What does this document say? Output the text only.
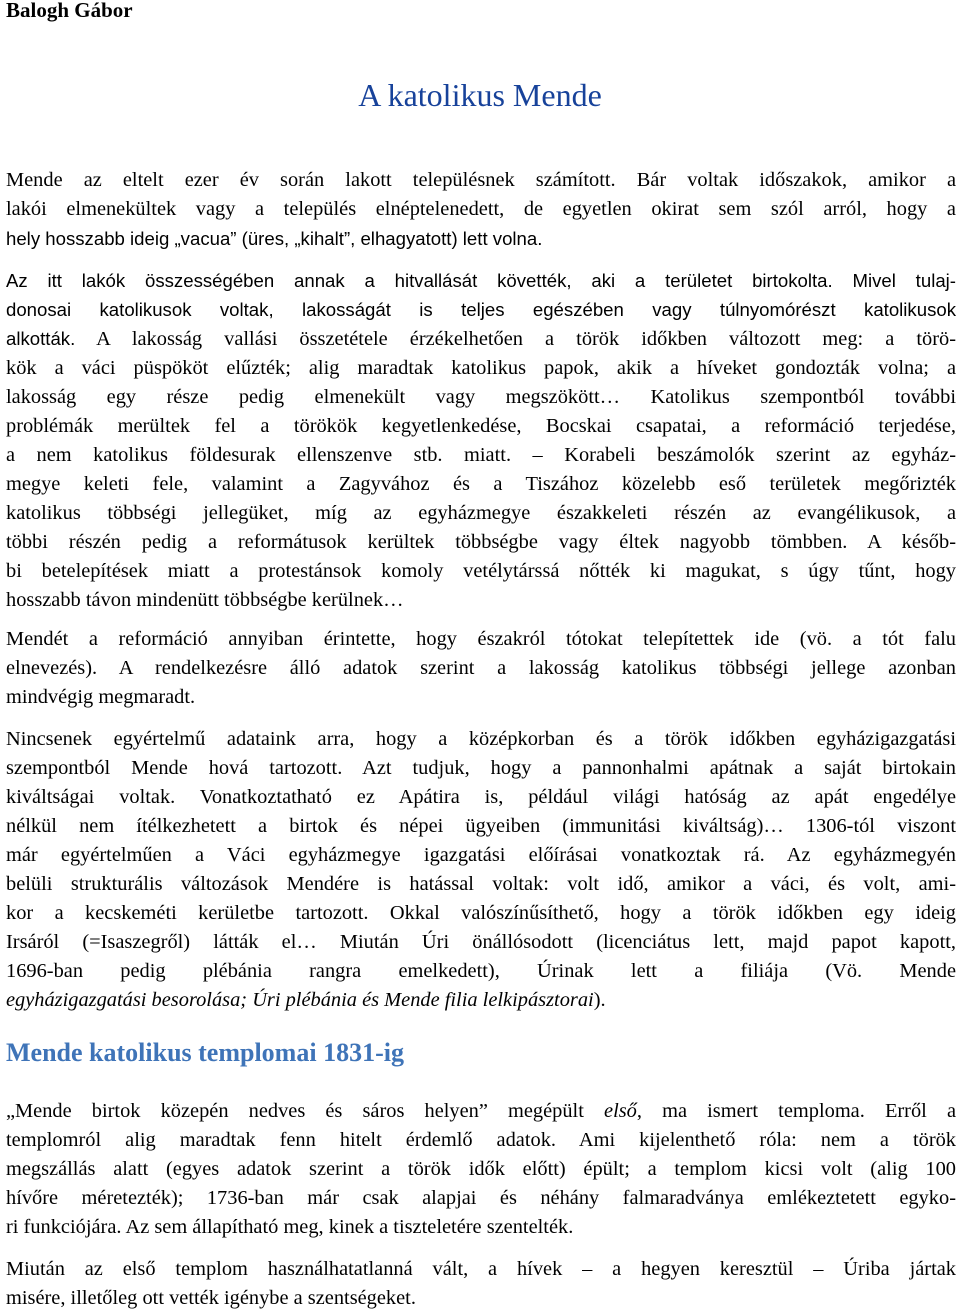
Balogh Gábor

A katolikus Mende

Mende az eltelt ezer év során lakott településnek számított. Bár voltak időszakok, amikor a
lakói elmenekültek vagy a település elnéptelenedett, de egyetlen okirat sem szól arról, hogy a
hely hosszabb ideig „vacua” (üres, „kihalt”, elhagyatott) lett volna.

Az itt lakók összességében annak a hitvallását követték, aki a területet birtokolta. Mivel tulaj-
donosai katolikusok voltak, lakosságát is teljes egészében vagy túlnyomórészt katolikusok
alkották. A lakosság vallási összetétele érzékelhetően a török időkben változott meg: a törö-
kök a váci püspököt elűzték; alig maradtak katolikus papok, akik a híveket gondozták volna; a
lakosság egy része pedig elmenekült vagy megszökött… Katolikus szempontból további
problémák merültek fel a törökök kegyetlenkedése, Bocskai csapatai, a reformáció terjedése,
a nem katolikus földesurak ellenszenve stb. miatt. – Korabeli beszámolók szerint az egyház-
megye keleti fele, valamint a Zagyvához és a Tiszához közelebb eső területek megőrizték
katolikus többségi jellegüket, míg az egyházmegye északkeleti részén az evangélikusok, a
többi részén pedig a reformátusok kerültek többségbe vagy éltek nagyobb tömbben. A későb-
bi betelepítések miatt a protestánsok komoly vetélytárssá nőtték ki magukat, s úgy tűnt, hogy
hosszabb távon mindenütt többségbe kerülnek…

Mendét a reformáció annyiban érintette, hogy északról tótokat telepítettek ide (vö. a tót falu
elnevezés). A rendelkezésre álló adatok szerint a lakosság katolikus többségi jellege azonban
mindvégig megmaradt.

Nincsenek egyértelmű adataink arra, hogy a középkorban és a török időkben egyházigazgatási
szempontból Mende hová tartozott. Azt tudjuk, hogy a pannonhalmi apátnak a saját birtokain
kiváltságai voltak. Vonatkoztatható ez Apátira is, például világi hatóság az apát engedélye
nélkül nem ítélkezhetett a birtok és népei ügyeiben (immunitási kiváltság)… 1306-tól viszont
már egyértelműen a Váci egyházmegye igazgatási előírásai vonatkoztak rá. Az egyházmegyén
belüli strukturális változások Mendére is hatással voltak: volt idő, amikor a váci, és volt, ami-
kor a kecskeméti kerületbe tartozott. Okkal valószínűsíthető, hogy a török időkben egy ideig
Irsáról (=Isaszegről) látták el… Miután Úri önállósodott (licenciátus lett, majd papot kapott,
1696-ban pedig plébánia rangra emelkedett), Úrinak lett a filiája (Vö. Mende
egyházigazgatási besorolása; Úri plébánia és Mende filia lelkipásztorai).

Mende katolikus templomai 1831-ig

„Mende birtok közepén nedves és sáros helyen” megépült első, ma ismert temploma. Erről a
templomról alig maradtak fenn hitelt érdemlő adatok. Ami kijelenthető róla: nem a török
megszállás alatt (egyes adatok szerint a török idők előtt) épült; a templom kicsi volt (alig 100
hívőre méretezték); 1736-ban már csak alapjai és néhány falmaradványa emlékeztetett egyko-
ri funkciójára. Az sem állapítható meg, kinek a tiszteletére szentelték.

Miután az első templom használhatatlanná vált, a hívek – a hegyen keresztül – Úriba jártak
misére, illetőleg ott vették igénybe a szentségeket.
